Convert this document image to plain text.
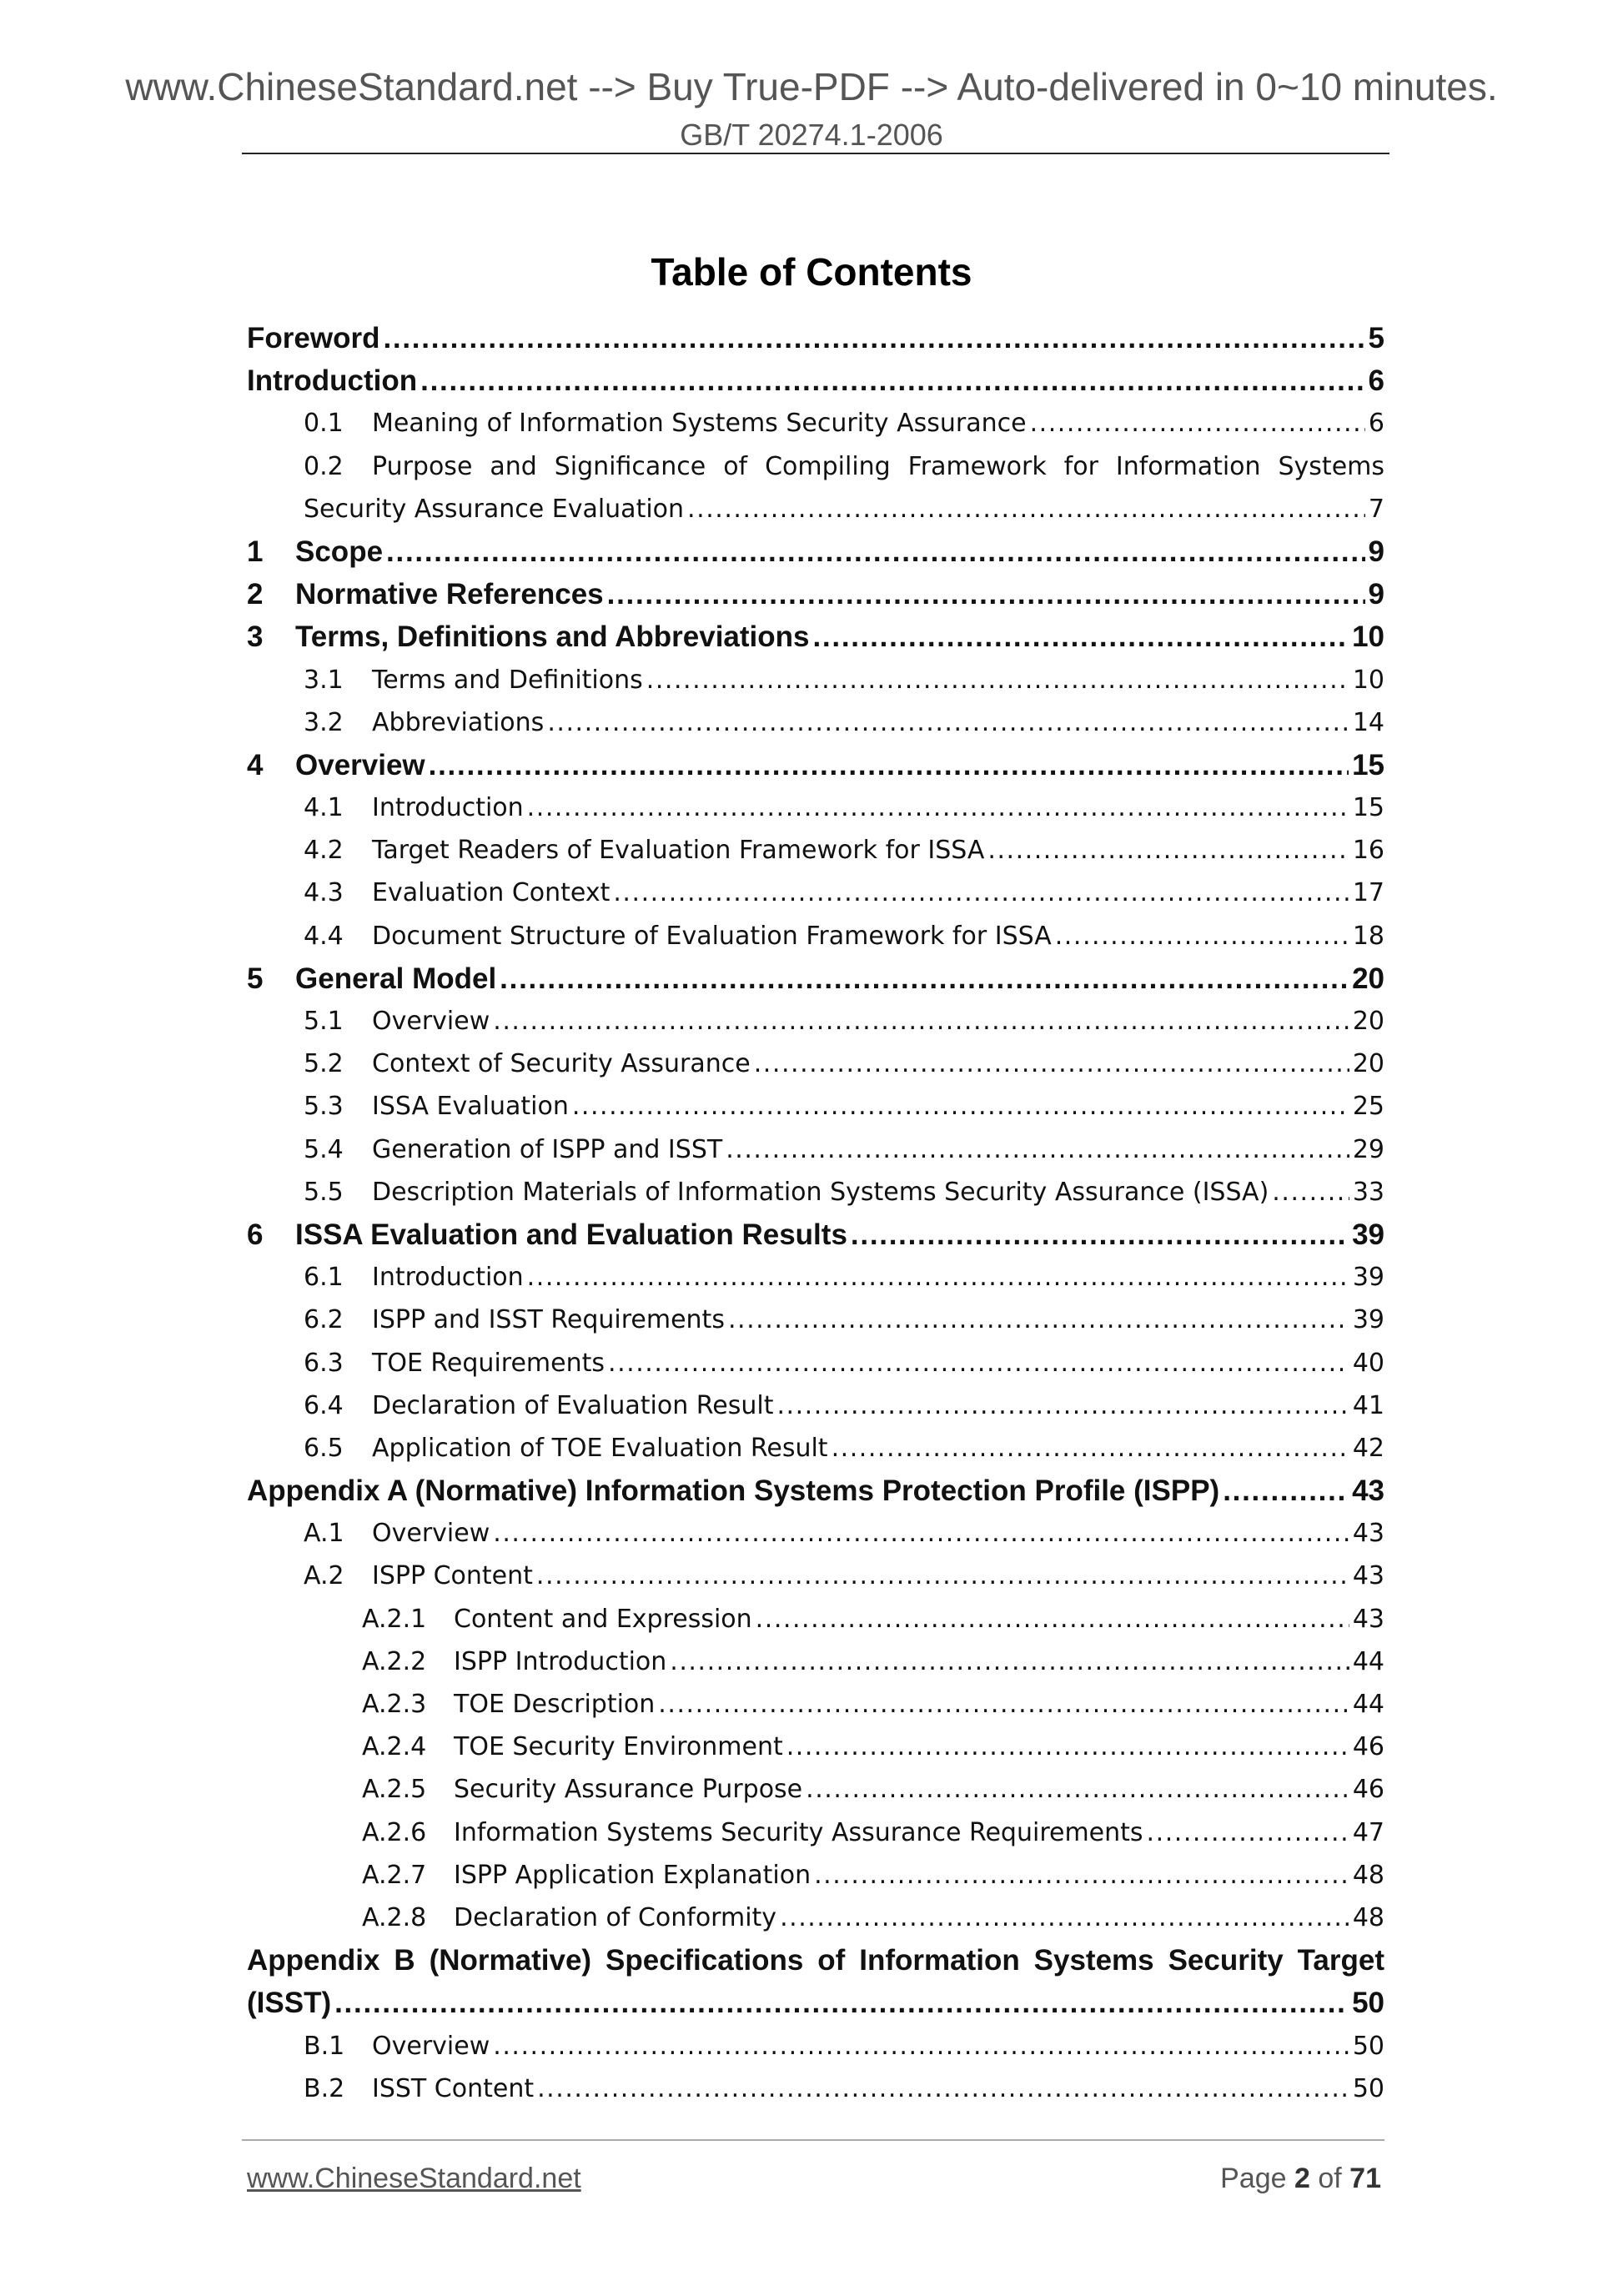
www.ChineseStandard.net --> Buy True-PDF --> Auto-delivered in 0~10 minutes.
GB/T 20274.1-2006
Table of Contents
Foreword . . .	5
Introduction . . .	6
0.1	Meaning of Information Systems Security Assurance . . .	6
0.2 Purpose and Significance of Compiling Framework for Information Systems
Security Assurance Evaluation . . .	7
1	Scope . . .	9
2	Normative References . . .	9
3	Terms, Definitions and Abbreviations . . .	10
3.1	Terms and Definitions . . .	10
3.2	Abbreviations . . .	14
4	Overview . . .	15
4.1	Introduction . . .	15
4.2	Target Readers of Evaluation Framework for ISSA . . .	16
4.3	Evaluation Context . . .	17
4.4	Document Structure of Evaluation Framework for ISSA . . .	18
5	General Model . . .	20
5.1	Overview . . .	20
5.2	Context of Security Assurance . . .	20
5.3	ISSA Evaluation . . .	25
5.4	Generation of ISPP and ISST . . .	29
5.5	Description Materials of Information Systems Security Assurance (ISSA) . . .	33
6	ISSA Evaluation and Evaluation Results . . .	39
6.1	Introduction . . .	39
6.2	ISPP and ISST Requirements . . .	39
6.3	TOE Requirements . . .	40
6.4	Declaration of Evaluation Result . . .	41
6.5	Application of TOE Evaluation Result . . .	42
Appendix A (Normative) Information Systems Protection Profile (ISPP) . . .	43
A.1	Overview . . .	43
A.2	ISPP Content . . .	43
A.2.1	Content and Expression . . .	43
A.2.2	ISPP Introduction . . .	44
A.2.3	TOE Description . . .	44
A.2.4	TOE Security Environment . . .	46
A.2.5	Security Assurance Purpose . . .	46
A.2.6	Information Systems Security Assurance Requirements . . .	47
A.2.7	ISPP Application Explanation . . .	48
A.2.8	Declaration of Conformity . . .	48
Appendix B (Normative) Specifications of Information Systems Security Target
(ISST) . . .	50
B.1	Overview . . .	50
B.2	ISST Content . . .	50
www.ChineseStandard.net	Page 2 of 71
